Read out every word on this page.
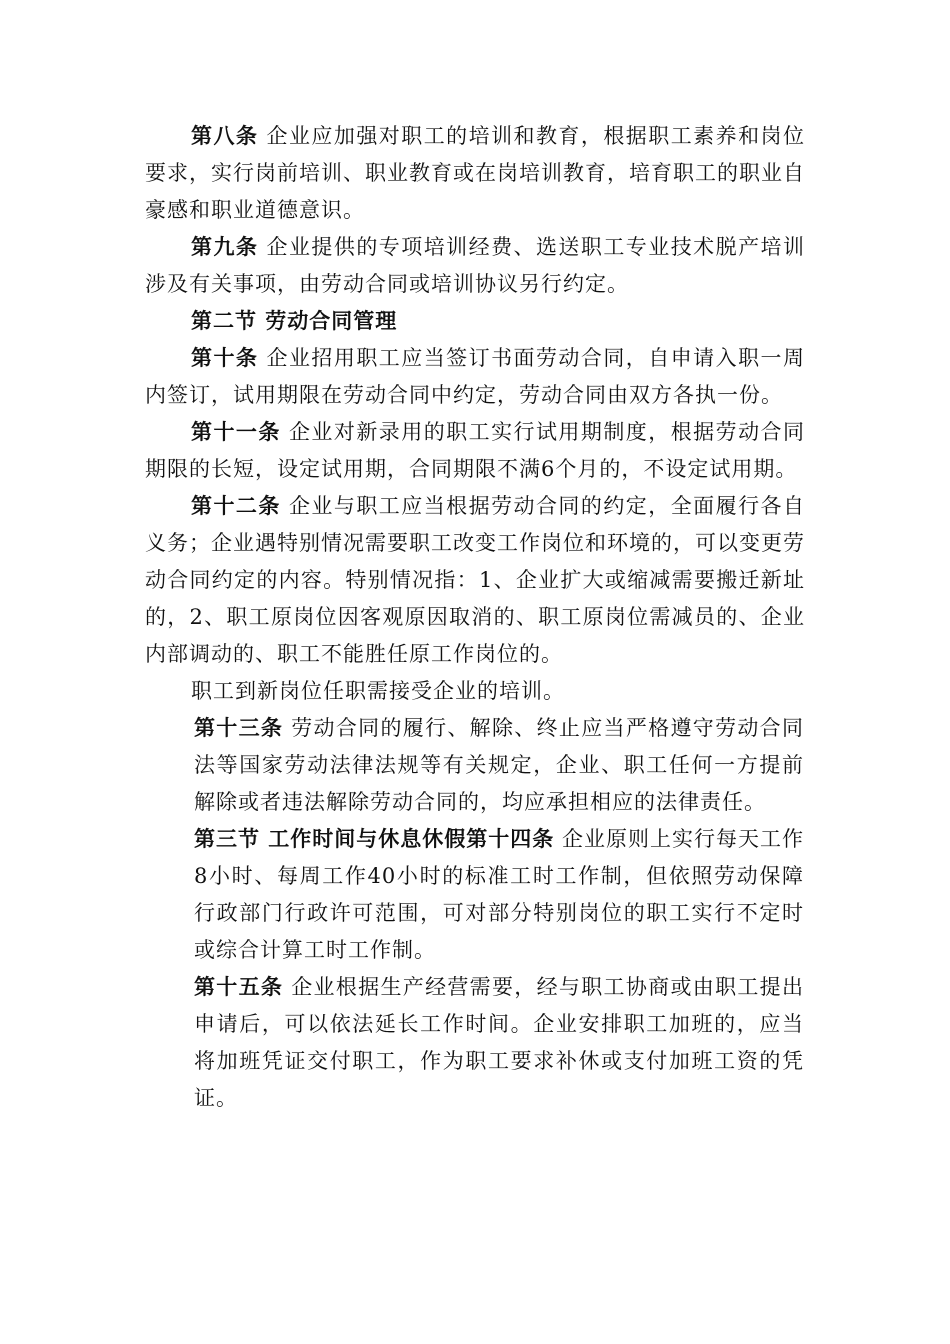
第八条 企业应加强对职工的培训和教育，根据职工素养和岗位要求，实行岗前培训、职业教育或在岗培训教育，培育职工的职业自豪感和职业道德意识。

第九条 企业提供的专项培训经费、选送职工专业技术脱产培训涉及有关事项，由劳动合同或培训协议另行约定。

第二节 劳动合同管理

第十条 企业招用职工应当签订书面劳动合同，自申请入职一周内签订，试用期限在劳动合同中约定，劳动合同由双方各执一份。

第十一条 企业对新录用的职工实行试用期制度，根据劳动合同期限的长短，设定试用期，合同期限不满6个月的，不设定试用期。

第十二条 企业与职工应当根据劳动合同的约定，全面履行各自义务；企业遇特别情况需要职工改变工作岗位和环境的，可以变更劳动合同约定的内容。特别情况指：1、企业扩大或缩减需要搬迁新址的，2、职工原岗位因客观原因取消的、职工原岗位需减员的、企业内部调动的、职工不能胜任原工作岗位的。

职工到新岗位任职需接受企业的培训。

第十三条 劳动合同的履行、解除、终止应当严格遵守劳动合同法等国家劳动法律法规等有关规定，企业、职工任何一方提前解除或者违法解除劳动合同的，均应承担相应的法律责任。

第三节 工作时间与休息休假第十四条 企业原则上实行每天工作8小时、每周工作40小时的标准工时工作制，但依照劳动保障行政部门行政许可范围，可对部分特别岗位的职工实行不定时或综合计算工时工作制。

第十五条 企业根据生产经营需要，经与职工协商或由职工提出申请后，可以依法延长工作时间。企业安排职工加班的，应当将加班凭证交付职工，作为职工要求补休或支付加班工资的凭证。
